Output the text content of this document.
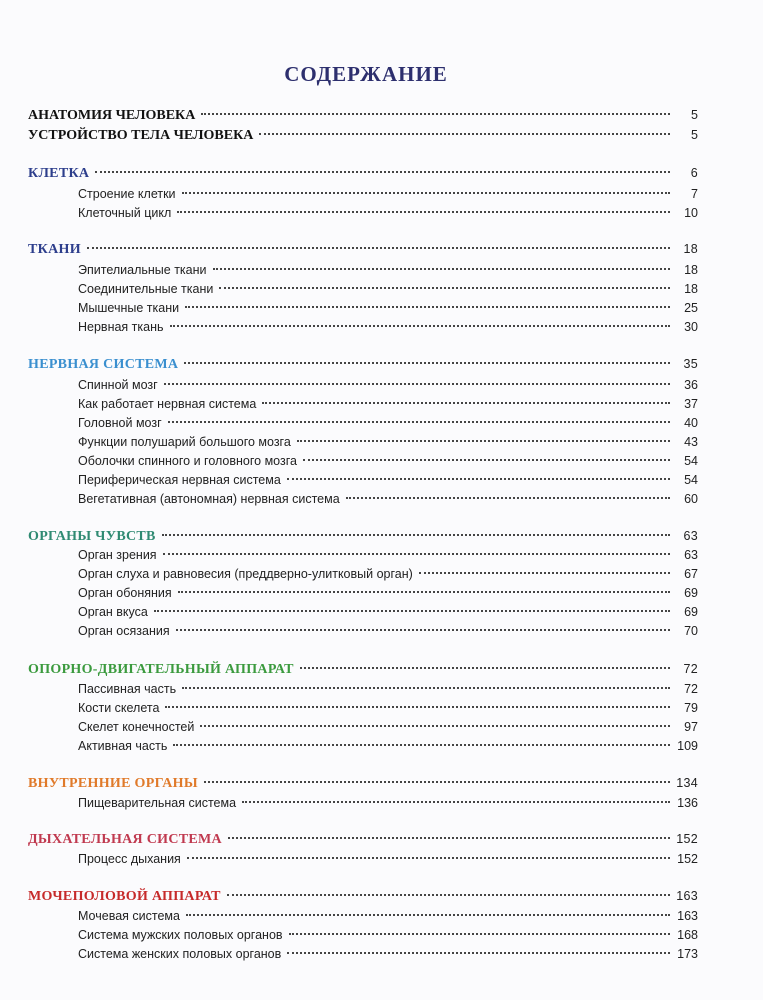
СОДЕРЖАНИЕ
АНАТОМИЯ ЧЕЛОВЕКА	5
УСТРОЙСТВО ТЕЛА ЧЕЛОВЕКА	5
КЛЕТКА	6
Строение клетки	7
Клеточный цикл	10
ТКАНИ	18
Эпителиальные ткани	18
Соединительные ткани	18
Мышечные ткани	25
Нервная ткань	30
НЕРВНАЯ СИСТЕМА	35
Спинной мозг	36
Как работает нервная система	37
Головной мозг	40
Функции полушарий большого мозга	43
Оболочки спинного и головного мозга	54
Периферическая нервная система	54
Вегетативная (автономная) нервная система	60
ОРГАНЫ ЧУВСТВ	63
Орган зрения	63
Орган слуха и равновесия (преддверно-улитковый орган)	67
Орган обоняния	69
Орган вкуса	69
Орган осязания	70
ОПОРНО-ДВИГАТЕЛЬНЫЙ АППАРАТ	72
Пассивная часть	72
Кости скелета	79
Скелет конечностей	97
Активная часть	109
ВНУТРЕННИЕ ОРГАНЫ	134
Пищеварительная система	136
ДЫХАТЕЛЬНАЯ СИСТЕМА	152
Процесс дыхания	152
МОЧЕПОЛОВОЙ АППАРАТ	163
Мочевая система	163
Система мужских половых органов	168
Система женских половых органов	173
